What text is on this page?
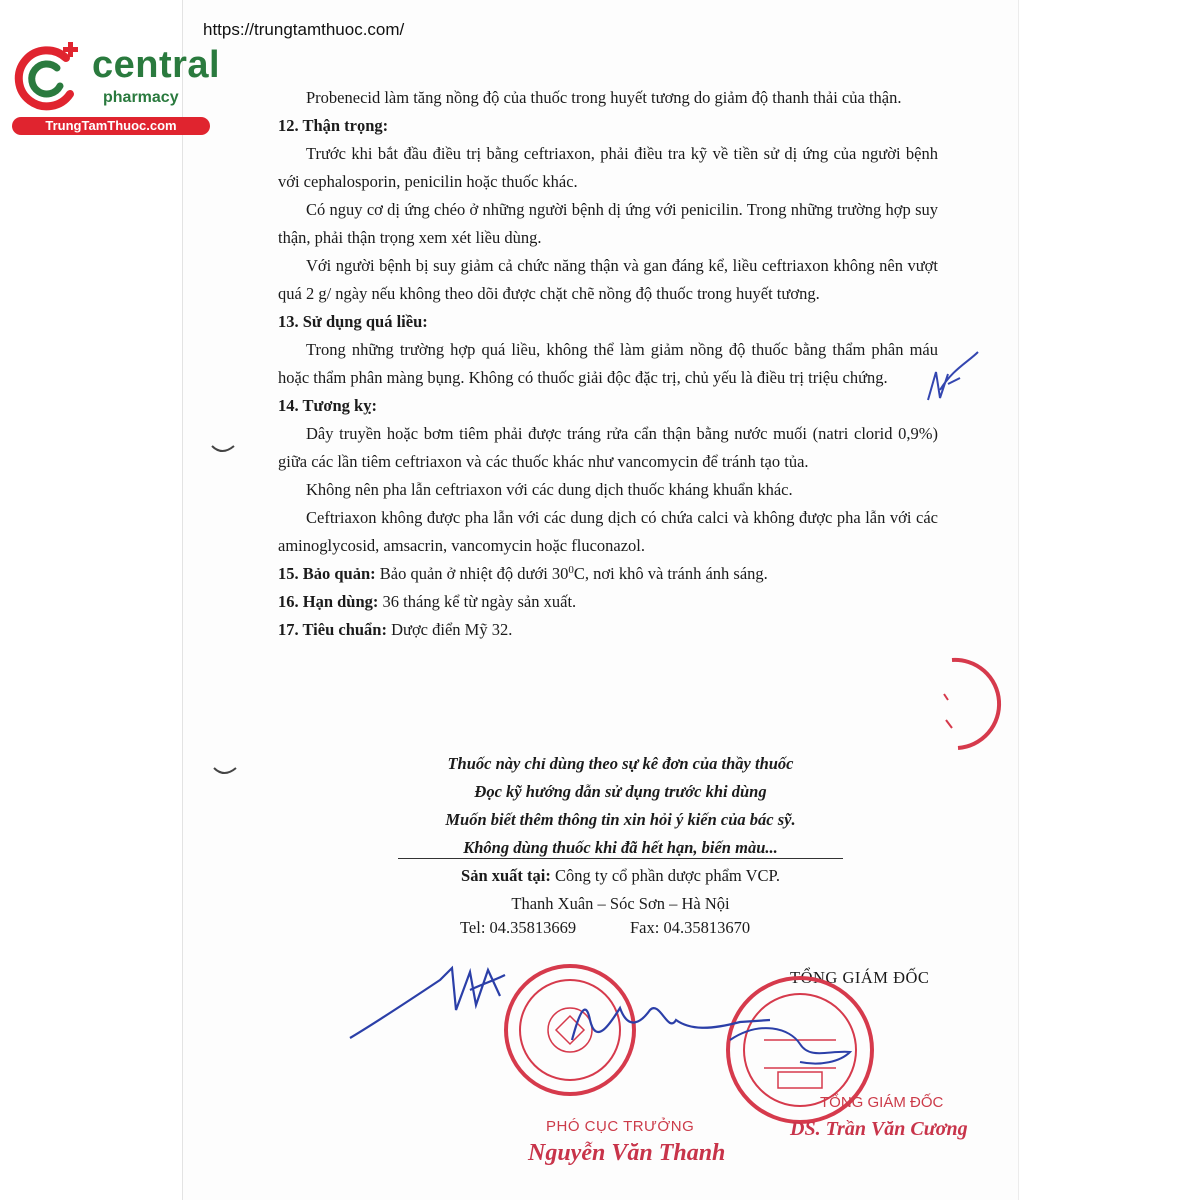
https://trungtamthuoc.com/
central
pharmacy
TrungTamThuoc.com

Probenecid làm tăng nồng độ của thuốc trong huyết tương do giảm độ thanh thải của thận.

12. Thận trọng:

Trước khi bắt đầu điều trị bằng ceftriaxon, phải điều tra kỹ về tiền sử dị ứng của người bệnh với cephalosporin, penicilin hoặc thuốc khác.

Có nguy cơ dị ứng chéo ở những người bệnh dị ứng với penicilin. Trong những trường hợp suy thận, phải thận trọng xem xét liều dùng.

Với người bệnh bị suy giảm cả chức năng thận và gan đáng kể, liều ceftriaxon không nên vượt quá 2 g/ ngày nếu không theo dõi được chặt chẽ nồng độ thuốc trong huyết tương.

13. Sử dụng quá liều:

Trong những trường hợp quá liều, không thể làm giảm nồng độ thuốc bằng thẩm phân máu hoặc thẩm phân màng bụng. Không có thuốc giải độc đặc trị, chủ yếu là điều trị triệu chứng.

14. Tương kỵ:

Dây truyền hoặc bơm tiêm phải được tráng rửa cẩn thận bằng nước muối (natri clorid 0,9%) giữa các lần tiêm ceftriaxon và các thuốc khác như vancomycin để tránh tạo tủa.

Không nên pha lẫn ceftriaxon với các dung dịch thuốc kháng khuẩn khác.

Ceftriaxon không được pha lẫn với các dung dịch có chứa calci và không được pha lẫn với các aminoglycosid, amsacrin, vancomycin hoặc fluconazol.

15. Bảo quản: Bảo quản ở nhiệt độ dưới $30^0C$, nơi khô và tránh ánh sáng.

16. Hạn dùng: 36 tháng kể từ ngày sản xuất.

17. Tiêu chuẩn: Dược điển Mỹ 32.

Thuốc này chỉ dùng theo sự kê đơn của thầy thuốc
Đọc kỹ hướng dẫn sử dụng trước khi dùng
Muốn biết thêm thông tin xin hỏi ý kiến của bác sỹ.
Không dùng thuốc khi đã hết hạn, biến màu...
Sản xuất tại: Công ty cổ phần dược phẩm VCP.
Thanh Xuân – Sóc Sơn – Hà Nội
Tel: 04.35813669	Fax: 04.35813670
TỔNG GIÁM ĐỐC
PHÓ CỤC TRƯỞNG
TỔNG GIÁM ĐỐC
Nguyễn Văn Thanh
DS. Trần Văn Cương
